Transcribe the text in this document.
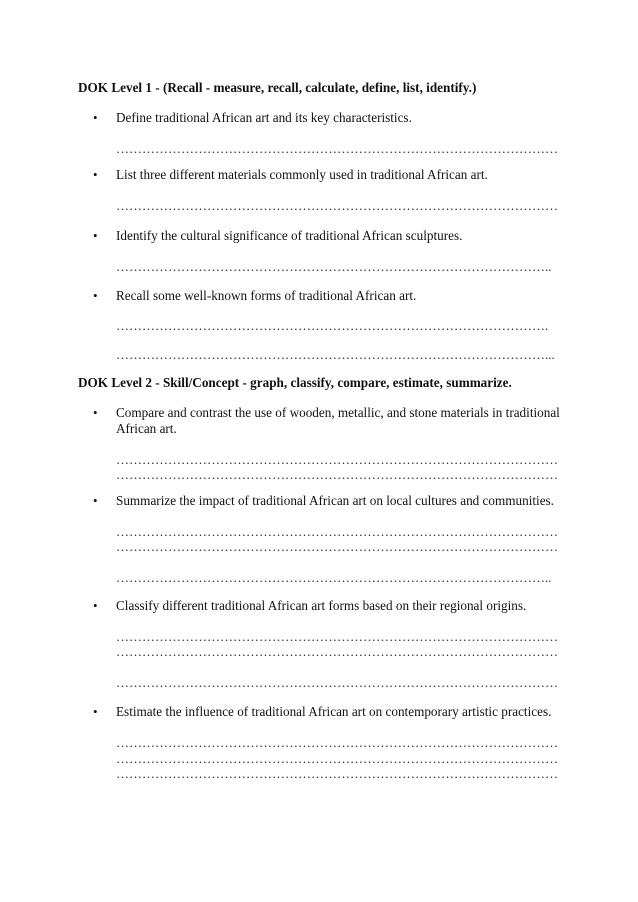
DOK Level 1 - (Recall - measure, recall, calculate, define, list, identify.)
• Define traditional African art and its key characteristics.
…………………………………………………………………………………………
• List three different materials commonly used in traditional African art.
…………………………………………………………………………………………
• Identify the cultural significance of traditional African sculptures.
………………………………………………………………………………………..
• Recall some well-known forms of traditional African art.
……………………………………………………………………………………….
………………………………………………………………………………………...
DOK Level 2 - Skill/Concept - graph, classify, compare, estimate, summarize.
• Compare and contrast the use of wooden, metallic, and stone materials in traditional African art.
…………………………………………………………………………………………
…………………………………………………………………………………………
• Summarize the impact of traditional African art on local cultures and communities.
…………………………………………………………………………………………
…………………………………………………………………………………………
………………………………………………………………………………………..
• Classify different traditional African art forms based on their regional origins.
…………………………………………………………………………………………
…………………………………………………………………………………………
…………………………………………………………………………………………
• Estimate the influence of traditional African art on contemporary artistic practices.
…………………………………………………………………………………………
…………………………………………………………………………………………
…………………………………………………………………………………………
